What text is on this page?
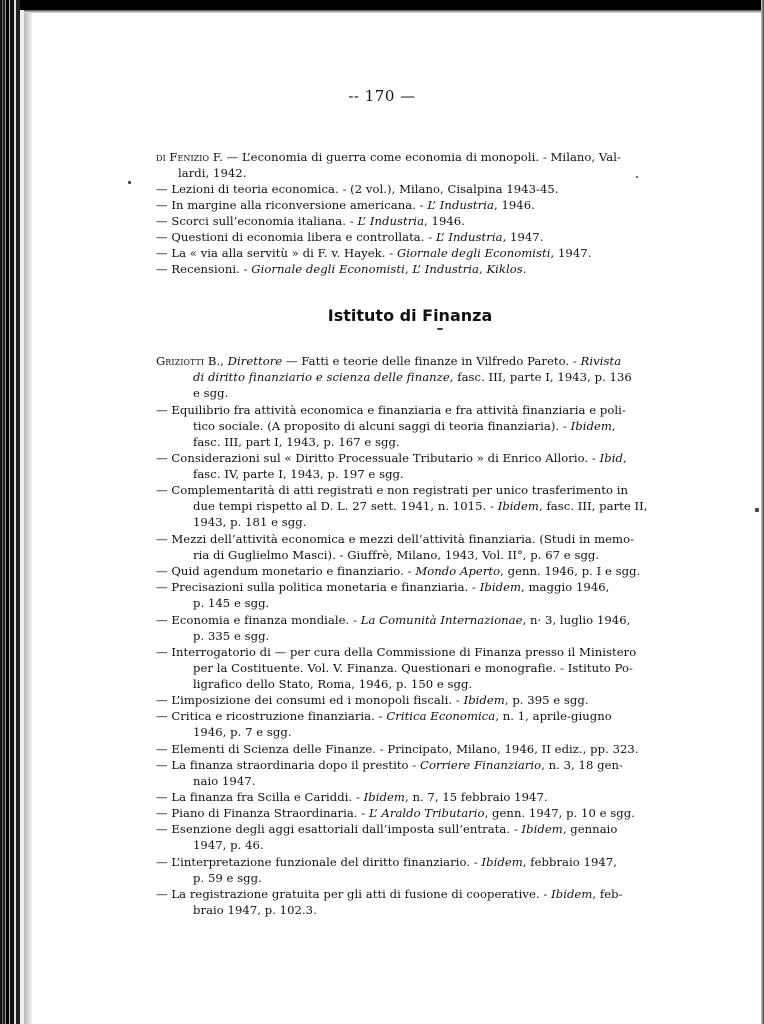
-- 170 —
di Fenizio F. — L’economia di guerra come economia di monopoli. - Milano, Val-
lardi, 1942.
— Lezioni di teoria economica. - (2 vol.), Milano, Cisalpina 1943-45.
— In margine alla riconversione americana. - L’ Industria, 1946.
— Scorci sull’economia italiana. - L’ Industria, 1946.
— Questioni di economia libera e controllata. - L’ Industria, 1947.
— La « via alla servitù » di F. v. Hayek. - Giornale degli Economisti, 1947.
— Recensioni. - Giornale degli Economisti, L’ Industria, Kiklos.
Istituto di Finanza
Griziotti B., Direttore — Fatti e teorie delle finanze in Vilfredo Pareto. - Rivista
di diritto finanziario e scienza delle finanze, fasc. III, parte I, 1943, p. 136
e sgg.
— Equilibrio fra attività economica e finanziaria e fra attività finanziaria e poli-
tico sociale. (A proposito di alcuni saggi di teoria finanziaria). - Ibidem,
fasc. III, part I, 1943, p. 167 e sgg.
— Considerazioni sul « Diritto Processuale Tributario » di Enrico Allorio. - Ibid,
fasc. IV, parte I, 1943, p. 197 e sgg.
— Complementarità di atti registrati e non registrati per unico trasferimento in
due tempi rispetto al D. L. 27 sett. 1941, n. 1015. - Ibidem, fasc. III, parte II,
1943, p. 181 e sgg.
— Mezzi dell’attività economica e mezzi dell’attività finanziaria. (Studi in memo-
ria di Guglielmo Masci). - Giuffrè, Milano, 1943, Vol. II°, p. 67 e sgg.
— Quid agendum monetario e finanziario. - Mondo Aperto, genn. 1946, p. I e sgg.
— Precisazioni sulla politica monetaria e finanziaria. - Ibidem, maggio 1946,
p. 145 e sgg.
— Economia e finanza mondiale. - La Comunità Internazionae, n· 3, luglio 1946,
p. 335 e sgg.
— Interrogatorio di — per cura della Commissione di Finanza presso il Ministero
per la Costituente. Vol. V. Finanza. Questionari e monografie. - Istituto Po-
ligrafico dello Stato, Roma, 1946, p. 150 e sgg.
— L’imposizione dei consumi ed i monopoli fiscali. - Ibidem, p. 395 e sgg.
— Critica e ricostruzione finanziaria. - Critica Economica, n. 1, aprile-giugno
1946, p. 7 e sgg.
— Elementi di Scienza delle Finanze. - Principato, Milano, 1946, II ediz., pp. 323.
— La finanza straordinaria dopo il prestito - Corriere Finanziario, n. 3, 18 gen-
naio 1947.
— La finanza fra Scilla e Cariddi. - Ibidem, n. 7, 15 febbraio 1947.
— Piano di Finanza Straordinaria. - L’ Araldo Tributario, genn. 1947, p. 10 e sgg.
— Esenzione degli aggi esattoriali dall’imposta sull’entrata. - Ibidem, gennaio
1947, p. 46.
— L’interpretazione funzionale del diritto finanziario. - Ibidem, febbraio 1947,
p. 59 e sgg.
— La registrazione gratuita per gli atti di fusione di cooperative. - Ibidem, feb-
braio 1947, p. 102.3.
